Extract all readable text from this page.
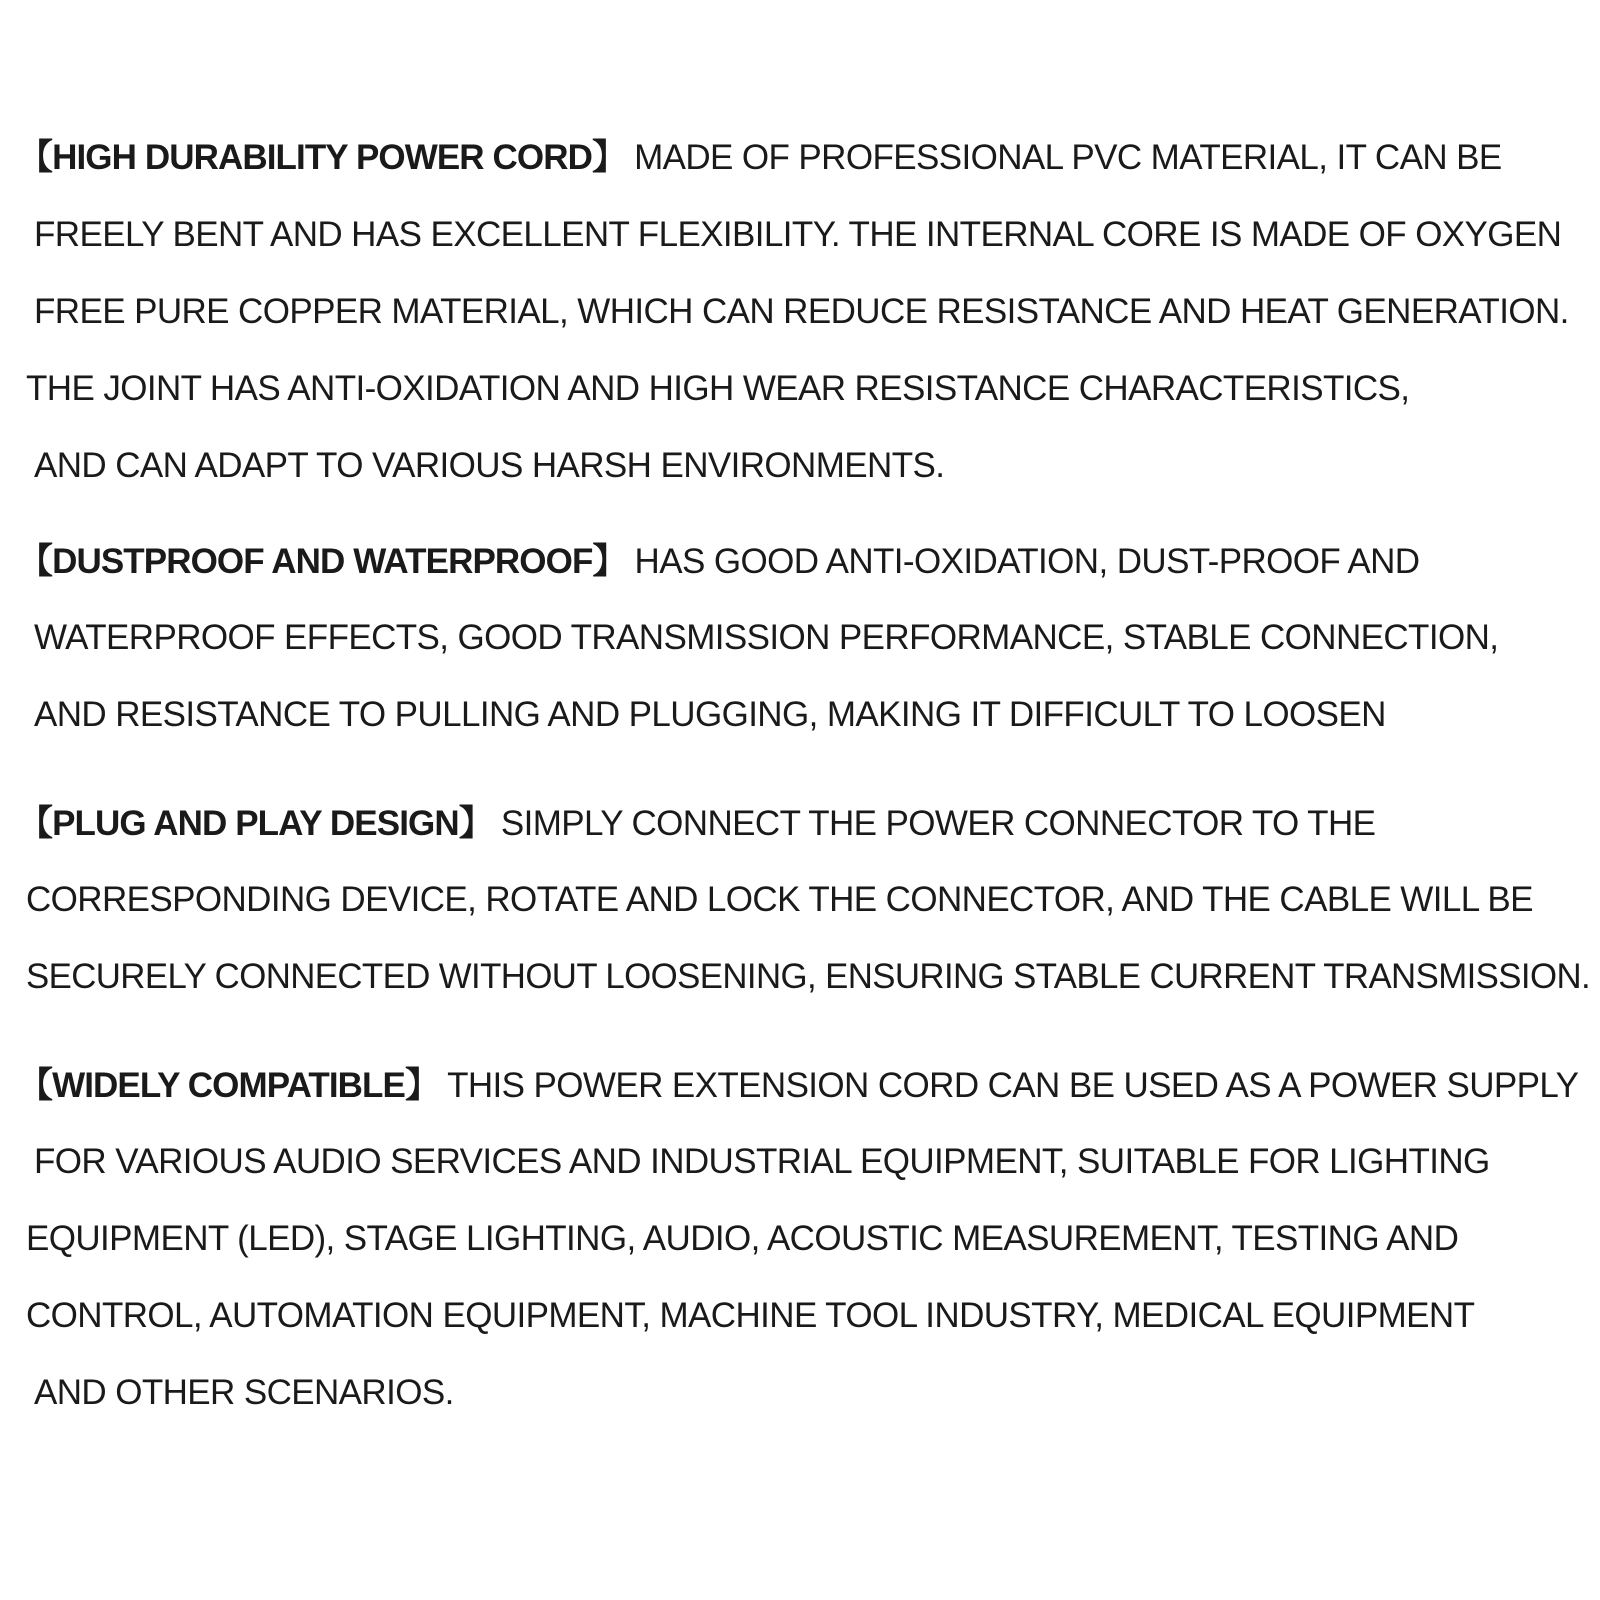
【HIGH DURABILITY POWER CORD】 MADE OF PROFESSIONAL PVC MATERIAL, IT CAN BE
FREELY BENT AND HAS EXCELLENT FLEXIBILITY. THE INTERNAL CORE IS MADE OF OXYGEN
FREE PURE COPPER MATERIAL, WHICH CAN REDUCE RESISTANCE AND HEAT GENERATION.
THE JOINT HAS ANTI-OXIDATION AND HIGH WEAR RESISTANCE CHARACTERISTICS,
AND CAN ADAPT TO VARIOUS HARSH ENVIRONMENTS.
【DUSTPROOF AND WATERPROOF】 HAS GOOD ANTI-OXIDATION, DUST-PROOF AND
WATERPROOF EFFECTS, GOOD TRANSMISSION PERFORMANCE, STABLE CONNECTION,
AND RESISTANCE TO PULLING AND PLUGGING, MAKING IT DIFFICULT TO LOOSEN
【PLUG AND PLAY DESIGN】 SIMPLY CONNECT THE POWER CONNECTOR TO THE
CORRESPONDING DEVICE, ROTATE AND LOCK THE CONNECTOR, AND THE CABLE WILL BE
SECURELY CONNECTED WITHOUT LOOSENING, ENSURING STABLE CURRENT TRANSMISSION.
【WIDELY COMPATIBLE】 THIS POWER EXTENSION CORD CAN BE USED AS A POWER SUPPLY
FOR VARIOUS AUDIO SERVICES AND INDUSTRIAL EQUIPMENT, SUITABLE FOR LIGHTING
EQUIPMENT (LED), STAGE LIGHTING, AUDIO, ACOUSTIC MEASUREMENT, TESTING AND
CONTROL, AUTOMATION EQUIPMENT, MACHINE TOOL INDUSTRY, MEDICAL EQUIPMENT
AND OTHER SCENARIOS.
